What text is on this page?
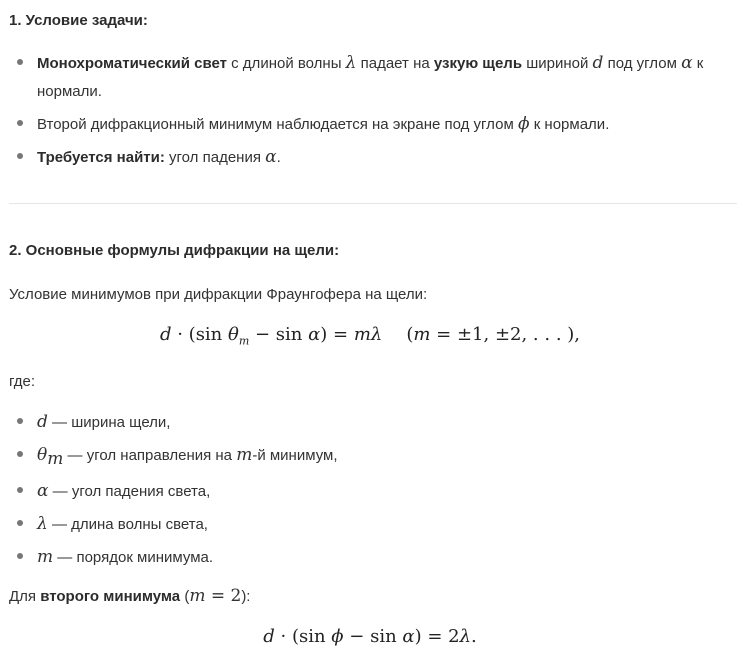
1. Условие задачи:
Монохроматический свет с длиной волны λ падает на узкую щель шириной d под углом α к
нормали.
Второй дифракционный минимум наблюдается на экране под углом ϕ к нормали.
Требуется найти: угол падения α.
2. Основные формулы дифракции на щели:
Условие минимумов при дифракции Фраунгофера на щели:
d · (sin $\theta_m - \sin \alpha) = m\lambda$ (m = ±1, ±2, . . . ),
где:
d — ширина щели,
$\theta_m$ — угол направления на m-й минимум,
α — угол падения света,
λ — длина волны света,
m — порядок минимума.
Для второго минимума (m = 2):
d · (sin ϕ − sin α) = 2λ.
